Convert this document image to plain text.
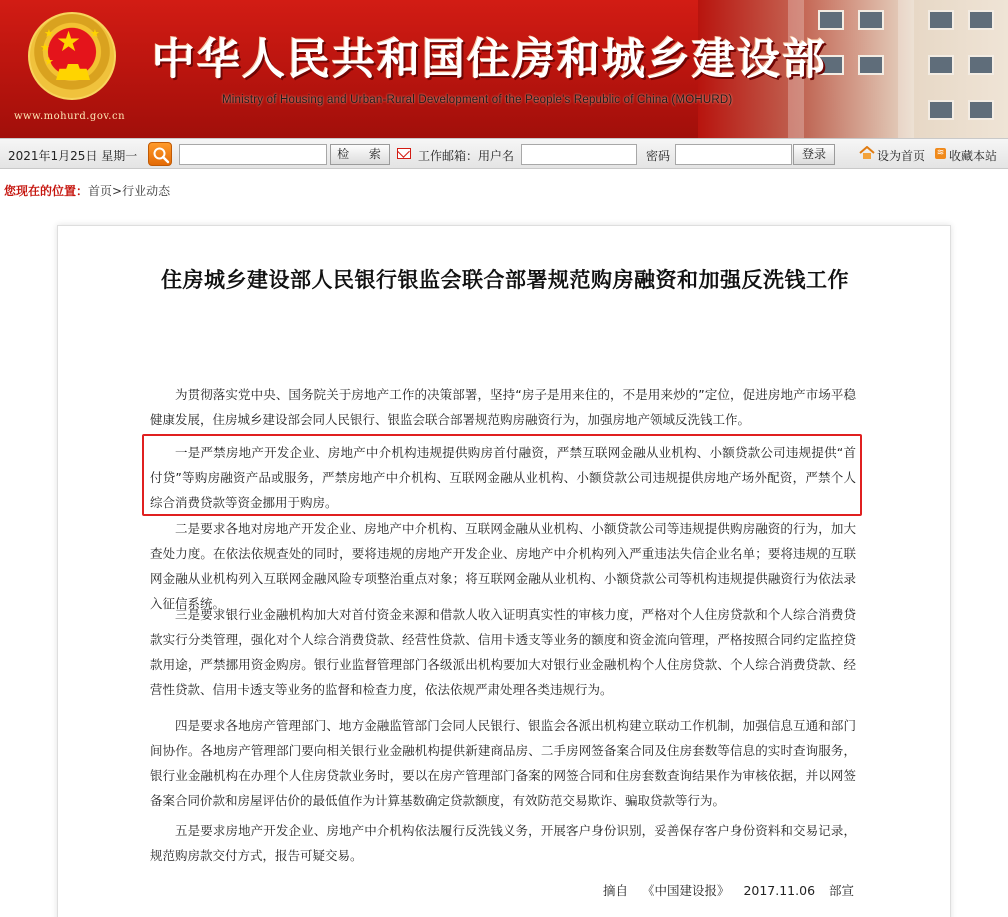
★
★
★
★
★
www.mohurd.gov.cn
中华人民共和国住房和城乡建设部
Ministry of Housing and Urban-Rural Development of the People's Republic of China (MOHURD)
2021年1月25日 星期一	检 索 工作邮箱：用户名	密码	登录	设为首页 ≋ 收藏本站
您现在的位置：首页>行业动态
住房城乡建设部人民银行银监会联合部署规范购房融资和加强反洗钱工作

为贯彻落实党中央、国务院关于房地产工作的决策部署，坚持“房子是用来住的，不是用来炒的”定位，促进房地产市场平稳健康发展，住房城乡建设部会同人民银行、银监会联合部署规范购房融资行为，加强房地产领域反洗钱工作。

一是严禁房地产开发企业、房地产中介机构违规提供购房首付融资，严禁互联网金融从业机构、小额贷款公司违规提供“首付贷”等购房融资产品或服务，严禁房地产中介机构、互联网金融从业机构、小额贷款公司违规提供房地产场外配资，严禁个人综合消费贷款等资金挪用于购房。

二是要求各地对房地产开发企业、房地产中介机构、互联网金融从业机构、小额贷款公司等违规提供购房融资的行为，加大查处力度。在依法依规查处的同时，要将违规的房地产开发企业、房地产中介机构列入严重违法失信企业名单；要将违规的互联网金融从业机构列入互联网金融风险专项整治重点对象；将互联网金融从业机构、小额贷款公司等机构违规提供融资行为依法录入征信系统。

三是要求银行业金融机构加大对首付资金来源和借款人收入证明真实性的审核力度，严格对个人住房贷款和个人综合消费贷款实行分类管理，强化对个人综合消费贷款、经营性贷款、信用卡透支等业务的额度和资金流向管理，严格按照合同约定监控贷款用途，严禁挪用资金购房。银行业监督管理部门各级派出机构要加大对银行业金融机构个人住房贷款、个人综合消费贷款、经营性贷款、信用卡透支等业务的监督和检查力度，依法依规严肃处理各类违规行为。

四是要求各地房产管理部门、地方金融监管部门会同人民银行、银监会各派出机构建立联动工作机制，加强信息互通和部门间协作。各地房产管理部门要向相关银行业金融机构提供新建商品房、二手房网签备案合同及住房套数等信息的实时查询服务，银行业金融机构在办理个人住房贷款业务时，要以在房产管理部门备案的网签合同和住房套数查询结果作为审核依据，并以网签备案合同价款和房屋评估价的最低值作为计算基数确定贷款额度，有效防范交易欺诈、骗取贷款等行为。

五是要求房地产开发企业、房地产中介机构依法履行反洗钱义务，开展客户身份识别，妥善保存客户身份资料和交易记录，规范购房款交付方式，报告可疑交易。

摘自 《中国建设报》 2017.11.06 部宣
